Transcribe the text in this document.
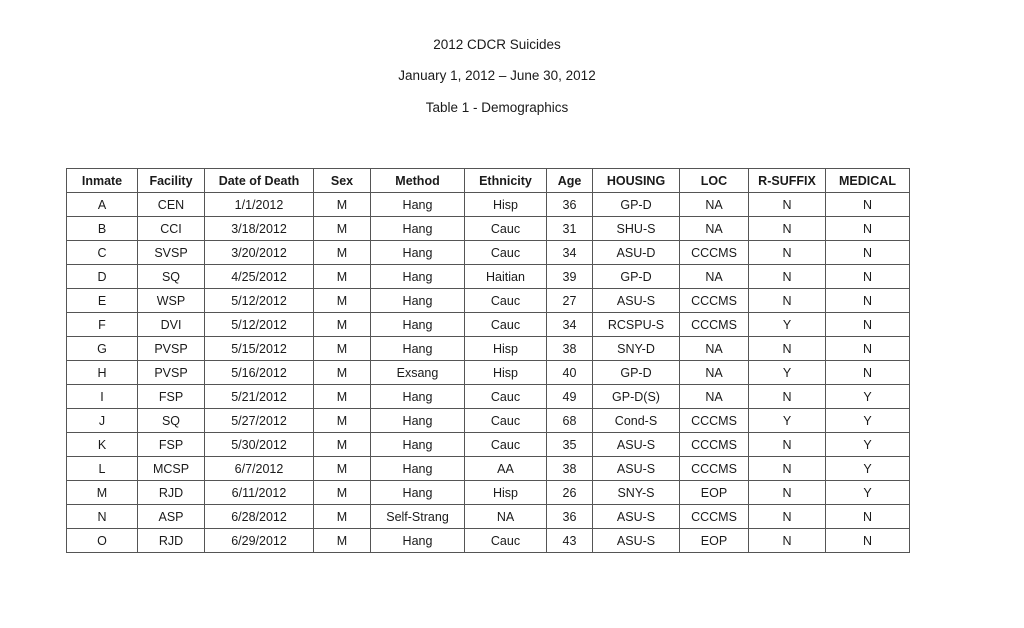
2012 CDCR Suicides
January 1, 2012 – June 30, 2012
Table 1 - Demographics
Inmate	Facility	Date of Death	Sex	Method	Ethnicity	Age	HOUSING	LOC	R-SUFFIX	MEDICAL
A	CEN	1/1/2012	M	Hang	Hisp	36	GP-D	NA	N	N
B	CCI	3/18/2012	M	Hang	Cauc	31	SHU-S	NA	N	N
C	SVSP	3/20/2012	M	Hang	Cauc	34	ASU-D	CCCMS	N	N
D	SQ	4/25/2012	M	Hang	Haitian	39	GP-D	NA	N	N
E	WSP	5/12/2012	M	Hang	Cauc	27	ASU-S	CCCMS	N	N
F	DVI	5/12/2012	M	Hang	Cauc	34	RCSPU-S	CCCMS	Y	N
G	PVSP	5/15/2012	M	Hang	Hisp	38	SNY-D	NA	N	N
H	PVSP	5/16/2012	M	Exsang	Hisp	40	GP-D	NA	Y	N
I	FSP	5/21/2012	M	Hang	Cauc	49	GP-D(S)	NA	N	Y
J	SQ	5/27/2012	M	Hang	Cauc	68	Cond-S	CCCMS	Y	Y
K	FSP	5/30/2012	M	Hang	Cauc	35	ASU-S	CCCMS	N	Y
L	MCSP	6/7/2012	M	Hang	AA	38	ASU-S	CCCMS	N	Y
M	RJD	6/11/2012	M	Hang	Hisp	26	SNY-S	EOP	N	Y
N	ASP	6/28/2012	M	Self-Strang	NA	36	ASU-S	CCCMS	N	N
O	RJD	6/29/2012	M	Hang	Cauc	43	ASU-S	EOP	N	N
